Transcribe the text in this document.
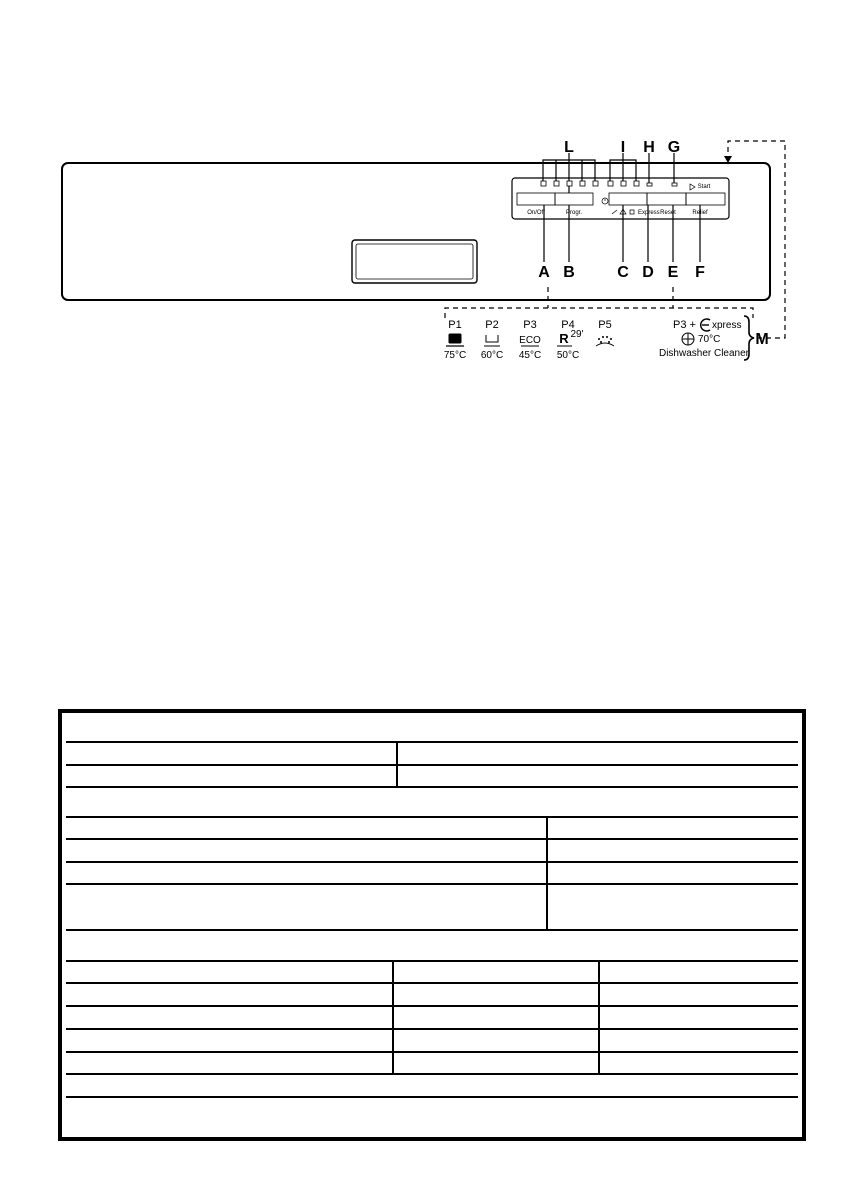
On/Off	Progr.	Reset	Relief
Start
Express
L	I H G
A B	C D E F
M
P1 P2 P3 P4 P5
ECO R 29'
75°C 60°C 45°C 50°C
P3 + xpress
70°C
Dishwasher Cleaner
